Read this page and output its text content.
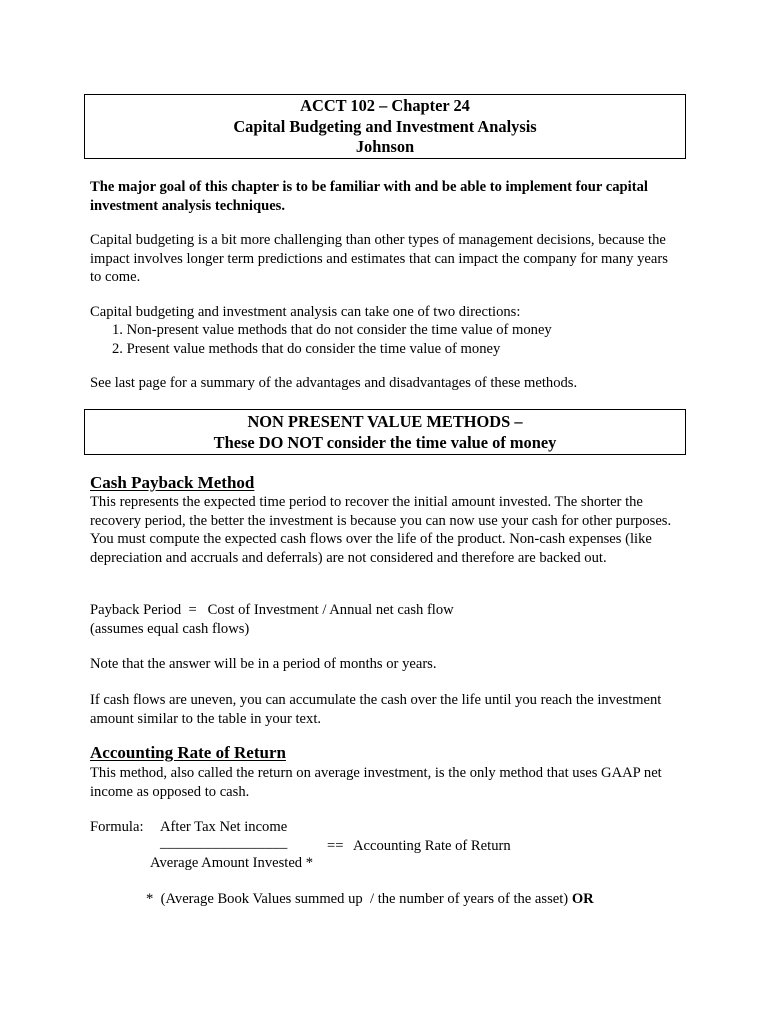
ACCT 102 – Chapter 24
Capital Budgeting and Investment Analysis
Johnson
The major goal of this chapter is to be familiar with and be able to implement four capital investment analysis techniques.
Capital budgeting is a bit more challenging than other types of management decisions, because the impact involves longer term predictions and estimates that can impact the company for many years to come.
Capital budgeting and investment analysis can take one of two directions:
1. Non-present value methods that do not consider the time value of money
2. Present value methods that do consider the time value of money
See last page for a summary of the advantages and disadvantages of these methods.
NON PRESENT VALUE METHODS –
These DO NOT consider the time value of money
Cash Payback Method
This represents the expected time period to recover the initial amount invested. The shorter the recovery period, the better the investment is because you can now use your cash for other purposes. You must compute the expected cash flows over the life of the product. Non-cash expenses (like depreciation and accruals and deferrals) are not considered and therefore are backed out.
Payback Period  =   Cost of Investment / Annual net cash flow
(assumes equal cash flows)
Note that the answer will be in a period of months or years.
If cash flows are uneven, you can accumulate the cash over the life until you reach the investment amount similar to the table in your text.
Accounting Rate of Return
This method, also called the return on average investment, is the only method that uses GAAP net income as opposed to cash.
Formula: After Tax Net income
_________________	== Accounting Rate of Return
Average Amount Invested *
*  (Average Book Values summed up  / the number of years of the asset) OR
